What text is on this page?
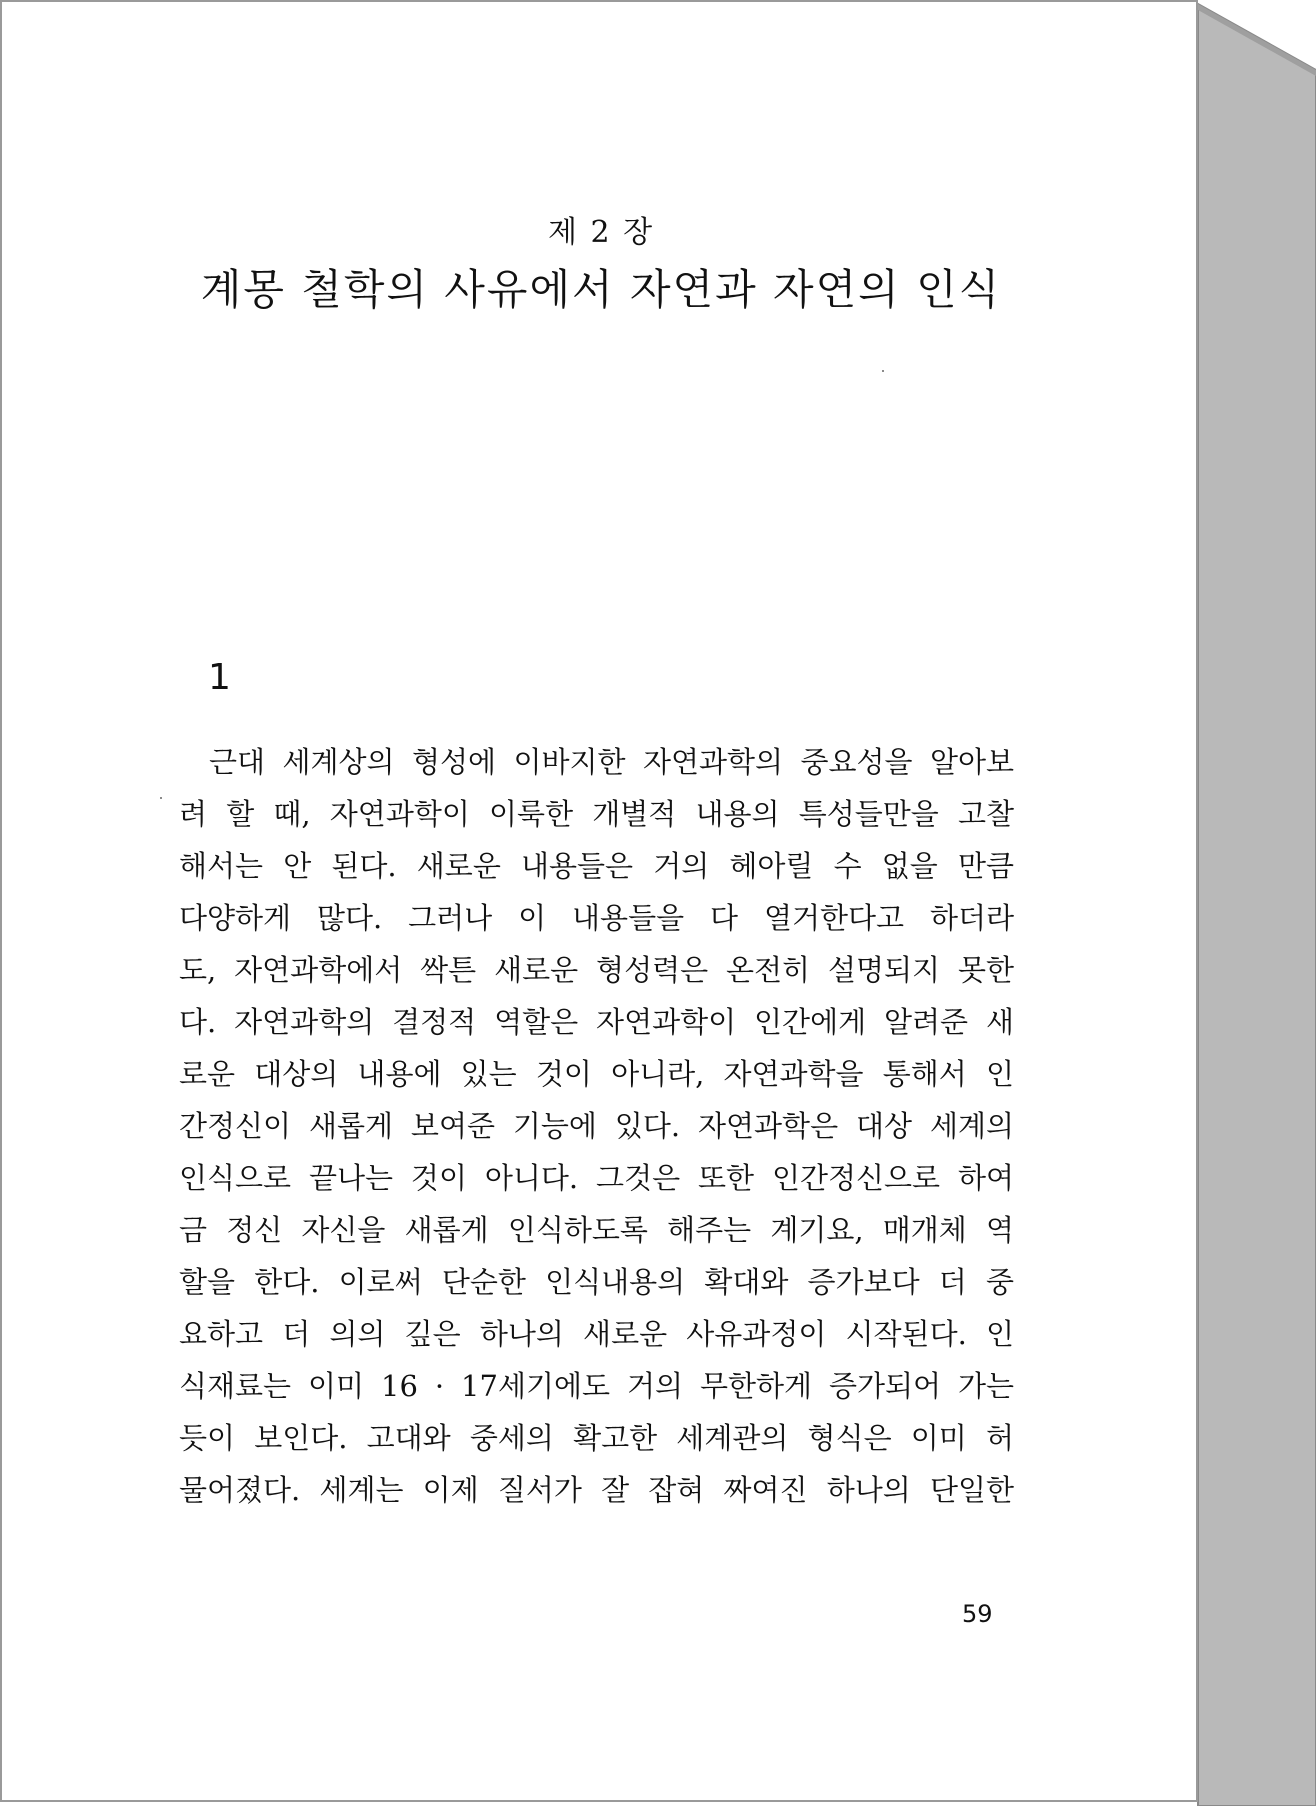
제 2 장
계몽 철학의 사유에서 자연과 자연의 인식
1
근대 세계상의 형성에 이바지한 자연과학의 중요성을 알아보
려 할 때, 자연과학이 이룩한 개별적 내용의 특성들만을 고찰
해서는 안 된다. 새로운 내용들은 거의 헤아릴 수 없을 만큼
다양하게 많다. 그러나 이 내용들을 다 열거한다고 하더라
도, 자연과학에서 싹튼 새로운 형성력은 온전히 설명되지 못한
다. 자연과학의 결정적 역할은 자연과학이 인간에게 알려준 새
로운 대상의 내용에 있는 것이 아니라, 자연과학을 통해서 인
간정신이 새롭게 보여준 기능에 있다. 자연과학은 대상 세계의
인식으로 끝나는 것이 아니다. 그것은 또한 인간정신으로 하여
금 정신 자신을 새롭게 인식하도록 해주는 계기요, 매개체 역
할을 한다. 이로써 단순한 인식내용의 확대와 증가보다 더 중
요하고 더 의의 깊은 하나의 새로운 사유과정이 시작된다. 인
식재료는 이미 16 · 17세기에도 거의 무한하게 증가되어 가는
듯이 보인다. 고대와 중세의 확고한 세계관의 형식은 이미 허
물어졌다. 세계는 이제 질서가 잘 잡혀 짜여진 하나의 단일한
59
